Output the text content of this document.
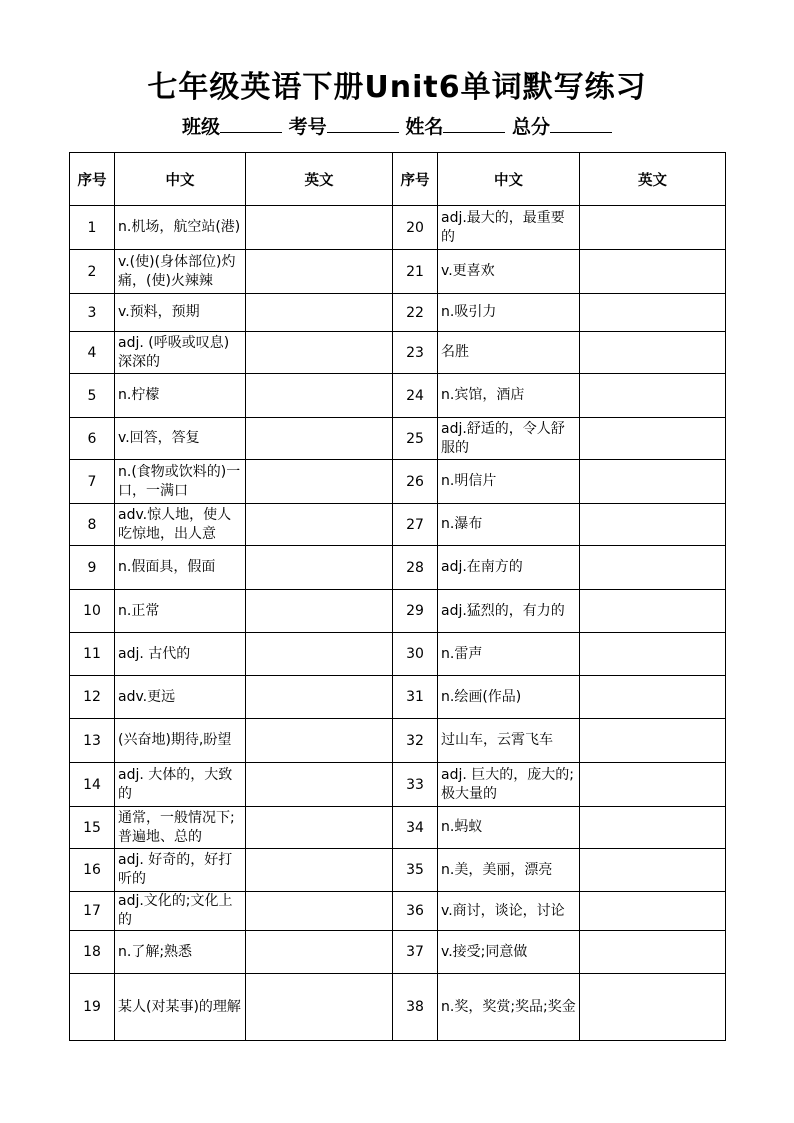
七年级英语下册Unit6单词默写练习
班级	考号	姓名	总分
序号	中文	英文	序号	中文	英文
1	n.机场，航空站(港)		20	adj.最大的，最重要的	
2	v.(使)(身体部位)灼痛，(使)火辣辣		21	v.更喜欢	
3	v.预料，预期		22	n.吸引力	
4	adj. (呼吸或叹息)深深的		23	名胜	
5	n.柠檬		24	n.宾馆，酒店	
6	v.回答，答复		25	adj.舒适的，令人舒服的	
7	n.(食物或饮料的)一口，一满口		26	n.明信片	
8	adv.惊人地，使人吃惊地，出人意		27	n.瀑布	
9	n.假面具，假面		28	adj.在南方的	
10	n.正常		29	adj.猛烈的，有力的	
11	adj. 古代的		30	n.雷声	
12	adv.更远		31	n.绘画(作品)	
13	(兴奋地)期待,盼望		32	过山车，云霄飞车	
14	adj. 大体的，大致的		33	adj. 巨大的，庞大的;极大量的	
15	通常，一般情况下;普遍地、总的		34	n.蚂蚁	
16	adj. 好奇的，好打听的		35	n.美，美丽，漂亮	
17	adj.文化的;文化上的		36	v.商讨，谈论，讨论	
18	n.了解;熟悉		37	v.接受;同意做	
19	某人(对某事)的理解		38	n.奖，奖赏;奖品;奖金	
